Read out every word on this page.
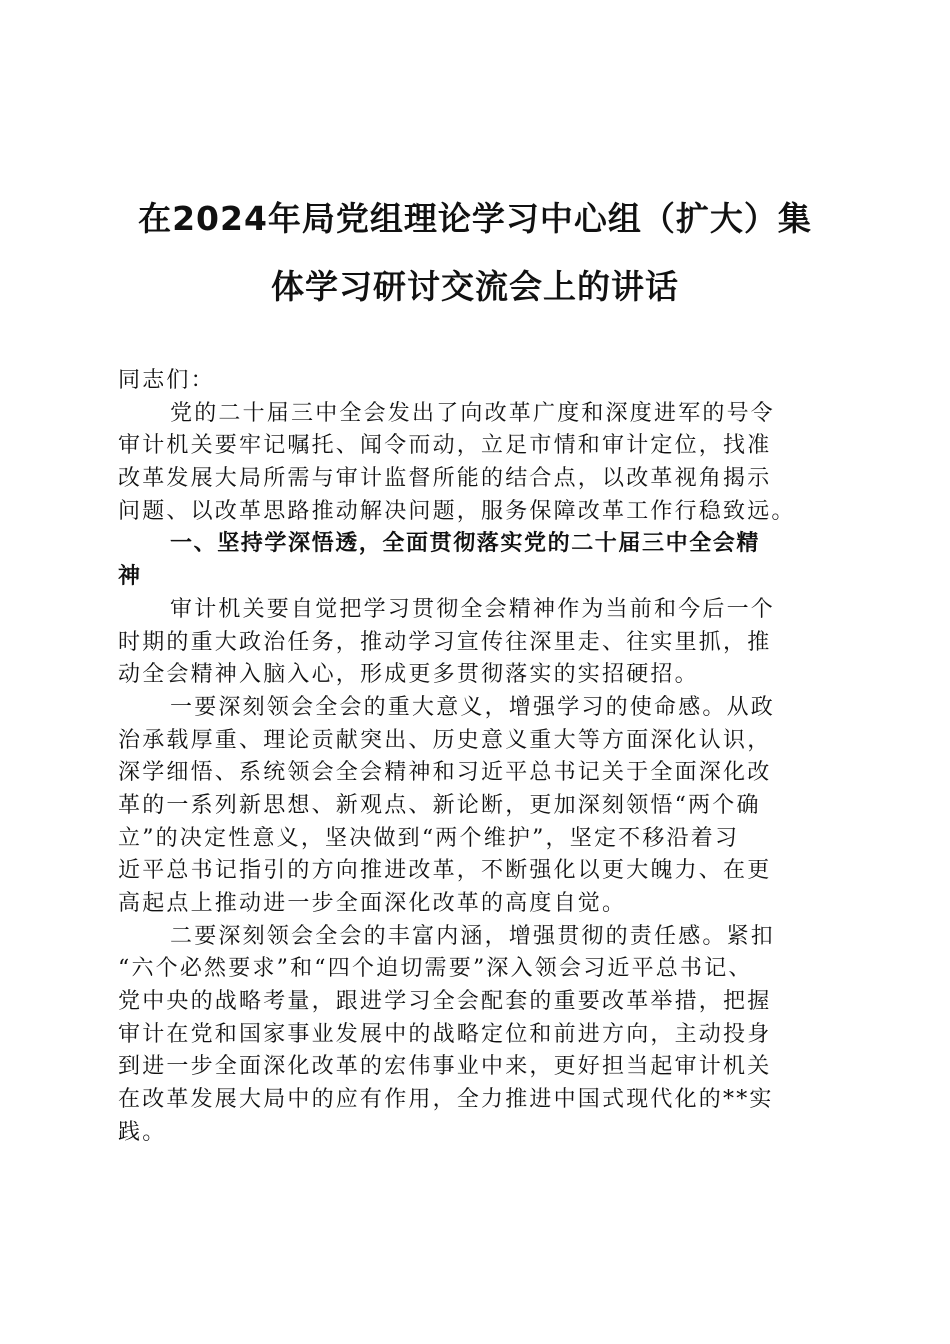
在2024年局党组理论学习中心组（扩大）集
体学习研讨交流会上的讲话
同志们：
党的二十届三中全会发出了向改革广度和深度进军的号令
审计机关要牢记嘱托、闻令而动，立足市情和审计定位，找准
改革发展大局所需与审计监督所能的结合点，以改革视角揭示
问题、以改革思路推动解决问题，服务保障改革工作行稳致远。
一、坚持学深悟透，全面贯彻落实党的二十届三中全会精
神
审计机关要自觉把学习贯彻全会精神作为当前和今后一个
时期的重大政治任务，推动学习宣传往深里走、往实里抓，推
动全会精神入脑入心，形成更多贯彻落实的实招硬招。
一要深刻领会全会的重大意义，增强学习的使命感。从政
治承载厚重、理论贡献突出、历史意义重大等方面深化认识，
深学细悟、系统领会全会精神和习近平总书记关于全面深化改
革的一系列新思想、新观点、新论断，更加深刻领悟“两个确
立”的决定性意义，坚决做到“两个维护”，坚定不移沿着习
近平总书记指引的方向推进改革，不断强化以更大魄力、在更
高起点上推动进一步全面深化改革的高度自觉。
二要深刻领会全会的丰富内涵，增强贯彻的责任感。紧扣
“六个必然要求”和“四个迫切需要”深入领会习近平总书记、
党中央的战略考量，跟进学习全会配套的重要改革举措，把握
审计在党和国家事业发展中的战略定位和前进方向，主动投身
到进一步全面深化改革的宏伟事业中来，更好担当起审计机关
在改革发展大局中的应有作用，全力推进中国式现代化的**实
践。
